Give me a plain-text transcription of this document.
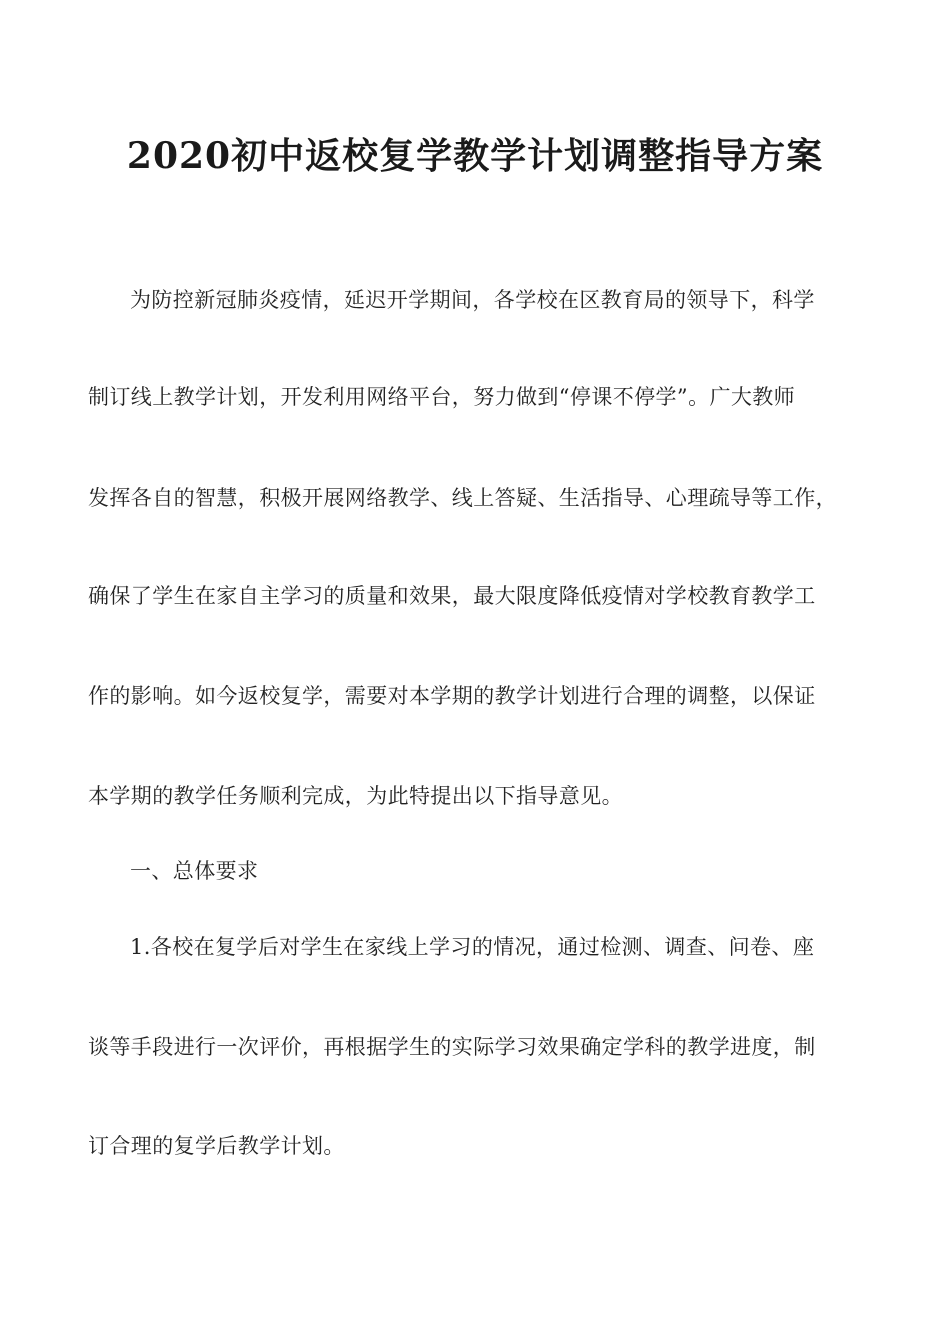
2020初中返校复学教学计划调整指导方案
为防控新冠肺炎疫情，延迟开学期间，各学校在区教育局的领导下，科学
制订线上教学计划，开发利用网络平台，努力做到“停课不停学”。广大教师
发挥各自的智慧，积极开展网络教学、线上答疑、生活指导、心理疏导等工作，
确保了学生在家自主学习的质量和效果，最大限度降低疫情对学校教育教学工
作的影响。如今返校复学，需要对本学期的教学计划进行合理的调整，以保证
本学期的教学任务顺利完成，为此特提出以下指导意见。
一、总体要求
1.各校在复学后对学生在家线上学习的情况，通过检测、调查、问卷、座
谈等手段进行一次评价，再根据学生的实际学习效果确定学科的教学进度，制
订合理的复学后教学计划。
